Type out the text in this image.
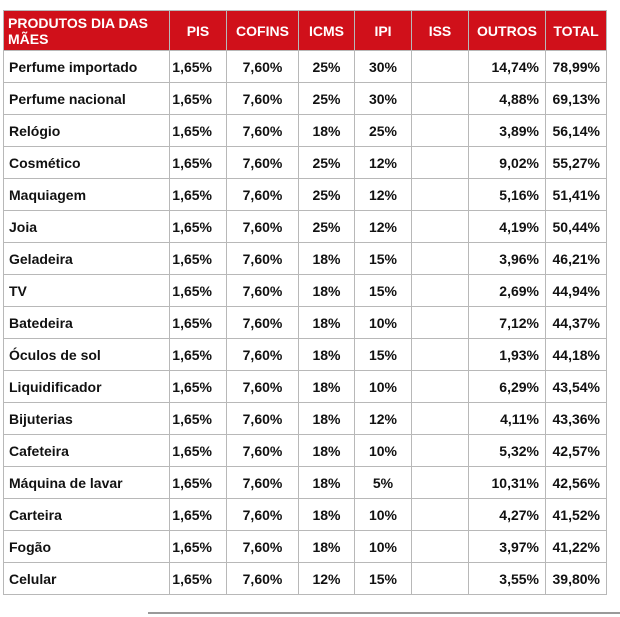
PRODUTOS DIA DAS MÃES	PIS	COFINS	ICMS	IPI	ISS	OUTROS	TOTAL
Perfume importado	1,65%	7,60%	25%	30%		14,74%	78,99%
Perfume nacional	1,65%	7,60%	25%	30%		4,88%	69,13%
Relógio	1,65%	7,60%	18%	25%		3,89%	56,14%
Cosmético	1,65%	7,60%	25%	12%		9,02%	55,27%
Maquiagem	1,65%	7,60%	25%	12%		5,16%	51,41%
Joia	1,65%	7,60%	25%	12%		4,19%	50,44%
Geladeira	1,65%	7,60%	18%	15%		3,96%	46,21%
TV	1,65%	7,60%	18%	15%		2,69%	44,94%
Batedeira	1,65%	7,60%	18%	10%		7,12%	44,37%
Óculos de sol	1,65%	7,60%	18%	15%		1,93%	44,18%
Liquidificador	1,65%	7,60%	18%	10%		6,29%	43,54%
Bijuterias	1,65%	7,60%	18%	12%		4,11%	43,36%
Cafeteira	1,65%	7,60%	18%	10%		5,32%	42,57%
Máquina de lavar	1,65%	7,60%	18%	5%		10,31%	42,56%
Carteira	1,65%	7,60%	18%	10%		4,27%	41,52%
Fogão	1,65%	7,60%	18%	10%		3,97%	41,22%
Celular	1,65%	7,60%	12%	15%		3,55%	39,80%
